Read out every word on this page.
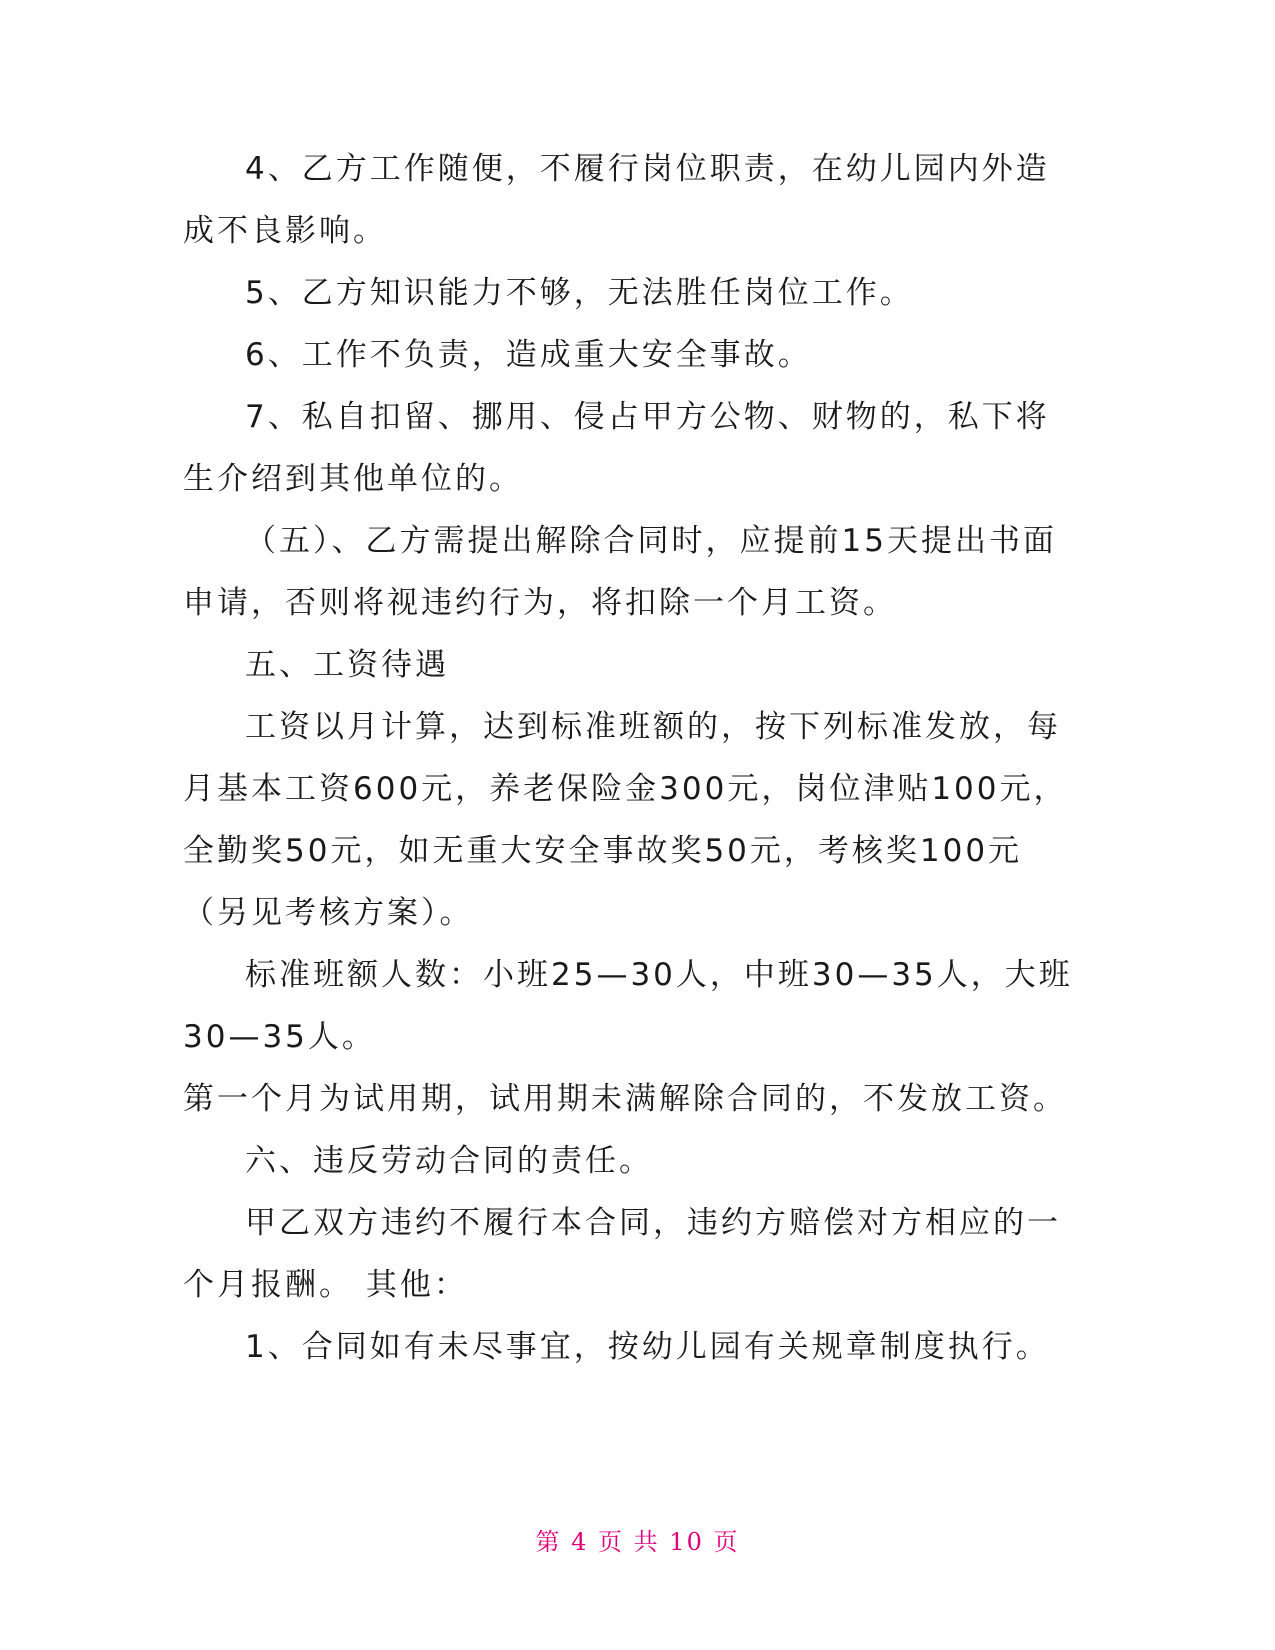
4、乙方工作随便，不履行岗位职责，在幼儿园内外造成不良影响。

5、乙方知识能力不够，无法胜任岗位工作。

6、工作不负责，造成重大安全事故。

7、私自扣留、挪用、侵占甲方公物、财物的，私下将生介绍到其他单位的。

（五）、乙方需提出解除合同时，应提前15天提出书面申请，否则将视违约行为，将扣除一个月工资。

五、工资待遇

工资以月计算，达到标准班额的，按下列标准发放，每月基本工资600元，养老保险金300元，岗位津贴100元，全勤奖50元，如无重大安全事故奖50元，考核奖100元（另见考核方案）。

标准班额人数：小班25—30人，中班30—35人，大班30—35人。

第一个月为试用期，试用期未满解除合同的，不发放工资。

六、违反劳动合同的责任。

甲乙双方违约不履行本合同，违约方赔偿对方相应的一个月报酬。 其他：

1、合同如有未尽事宜，按幼儿园有关规章制度执行。

第 4 页 共 10 页
